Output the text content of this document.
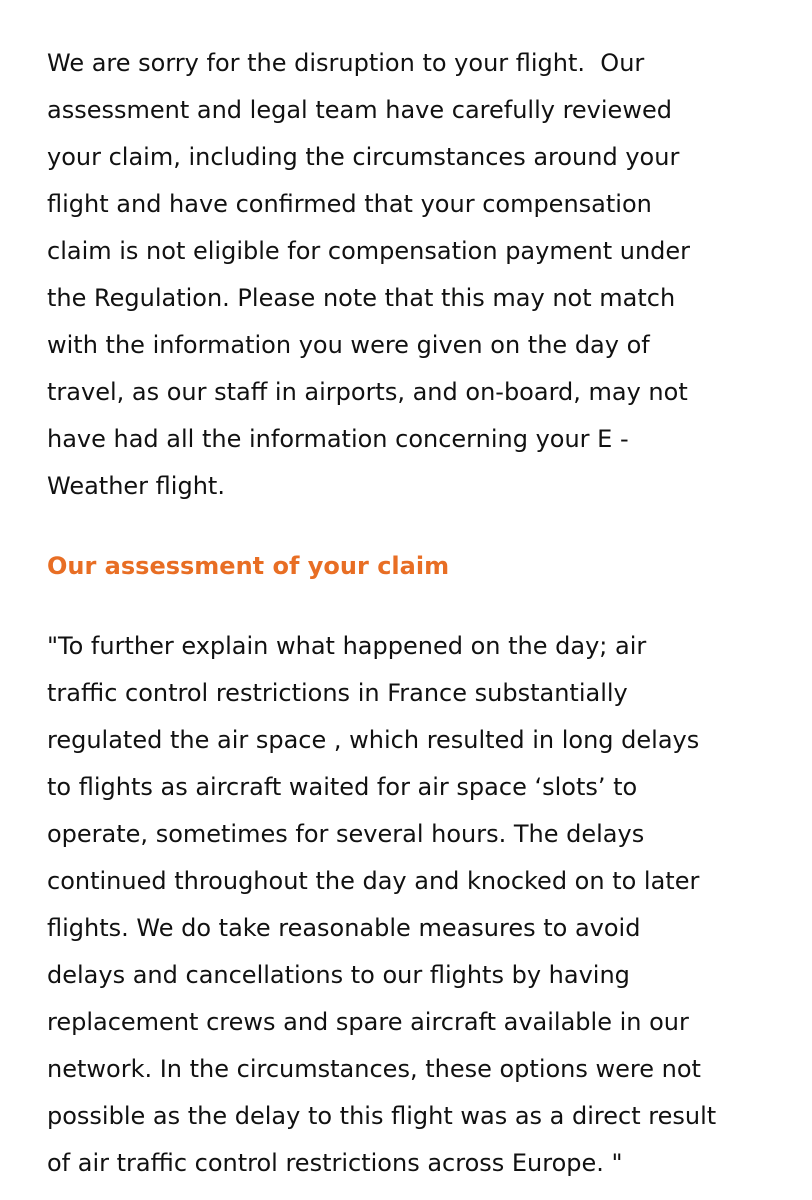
We are sorry for the disruption to your flight.  Our
assessment and legal team have carefully reviewed
your claim, including the circumstances around your
flight and have confirmed that your compensation
claim is not eligible for compensation payment under
the Regulation. Please note that this may not match
with the information you were given on the day of
travel, as our staff in airports, and on-board, may not
have had all the information concerning your E -
Weather flight.
Our assessment of your claim
"To further explain what happened on the day; air
traffic control restrictions in France substantially
regulated the air space , which resulted in long delays
to flights as aircraft waited for air space ‘slots’ to
operate, sometimes for several hours. The delays
continued throughout the day and knocked on to later
flights. We do take reasonable measures to avoid
delays and cancellations to our flights by having
replacement crews and spare aircraft available in our
network. In the circumstances, these options were not
possible as the delay to this flight was as a direct result
of air traffic control restrictions across Europe. "
